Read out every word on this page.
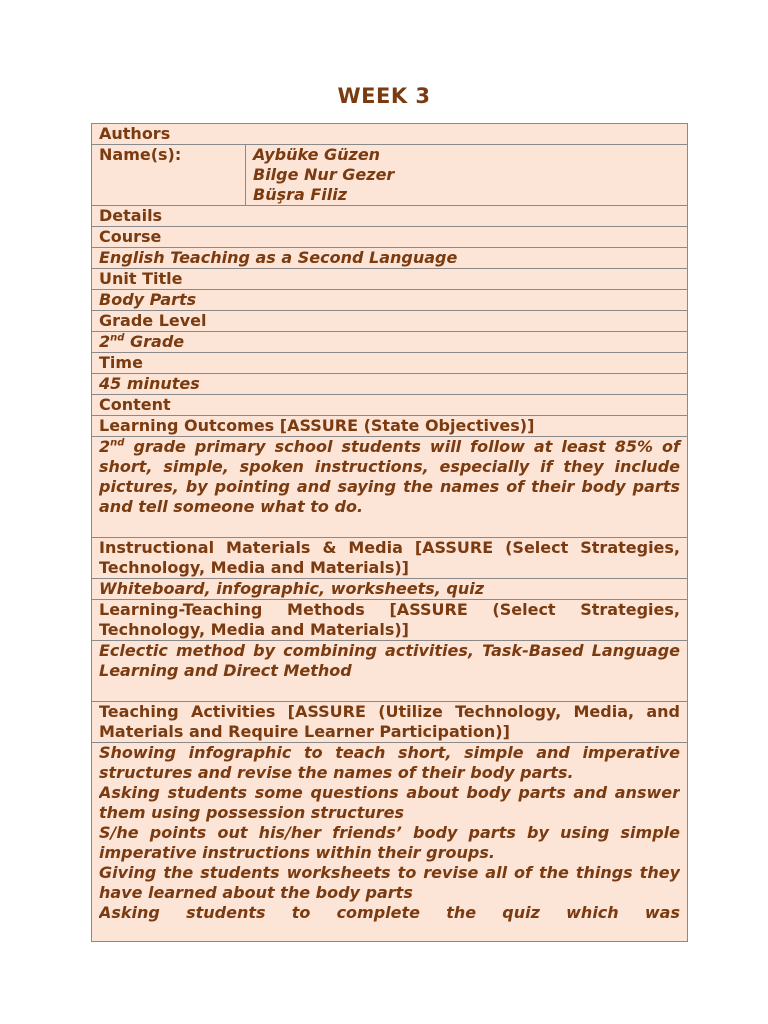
WEEK 3
Authors
Name(s):	Aybüke Güzen
Bilge Nur Gezer
Büşra Filiz

Details
Course
English Teaching as a Second Language
Unit Title
Body Parts
Grade Level
2nd Grade
Time
45 minutes
Content
Learning Outcomes [ASSURE (State Objectives)]
2nd grade primary school students will follow at least 85% of short, simple, spoken instructions, especially if they include pictures, by pointing and saying the names of their body parts and tell someone what to do.
Instructional Materials & Media [ASSURE (Select Strategies, Technology, Media and Materials)]
Whiteboard, infographic, worksheets, quiz
Learning-Teaching Methods [ASSURE (Select Strategies, Technology, Media and Materials)]
Eclectic method by combining activities, Task-Based Language Learning and Direct Method
Teaching Activities [ASSURE (Utilize Technology, Media, and Materials and Require Learner Participation)]

Showing infographic to teach short, simple and imperative structures and revise the names of their body parts.
Asking students some questions about body parts and answer them using possession structures
S/he points out his/her friends’ body parts by using simple imperative instructions within their groups.
Giving the students worksheets to revise all of the things they have learned about the body parts
Asking students to complete the quiz which was
